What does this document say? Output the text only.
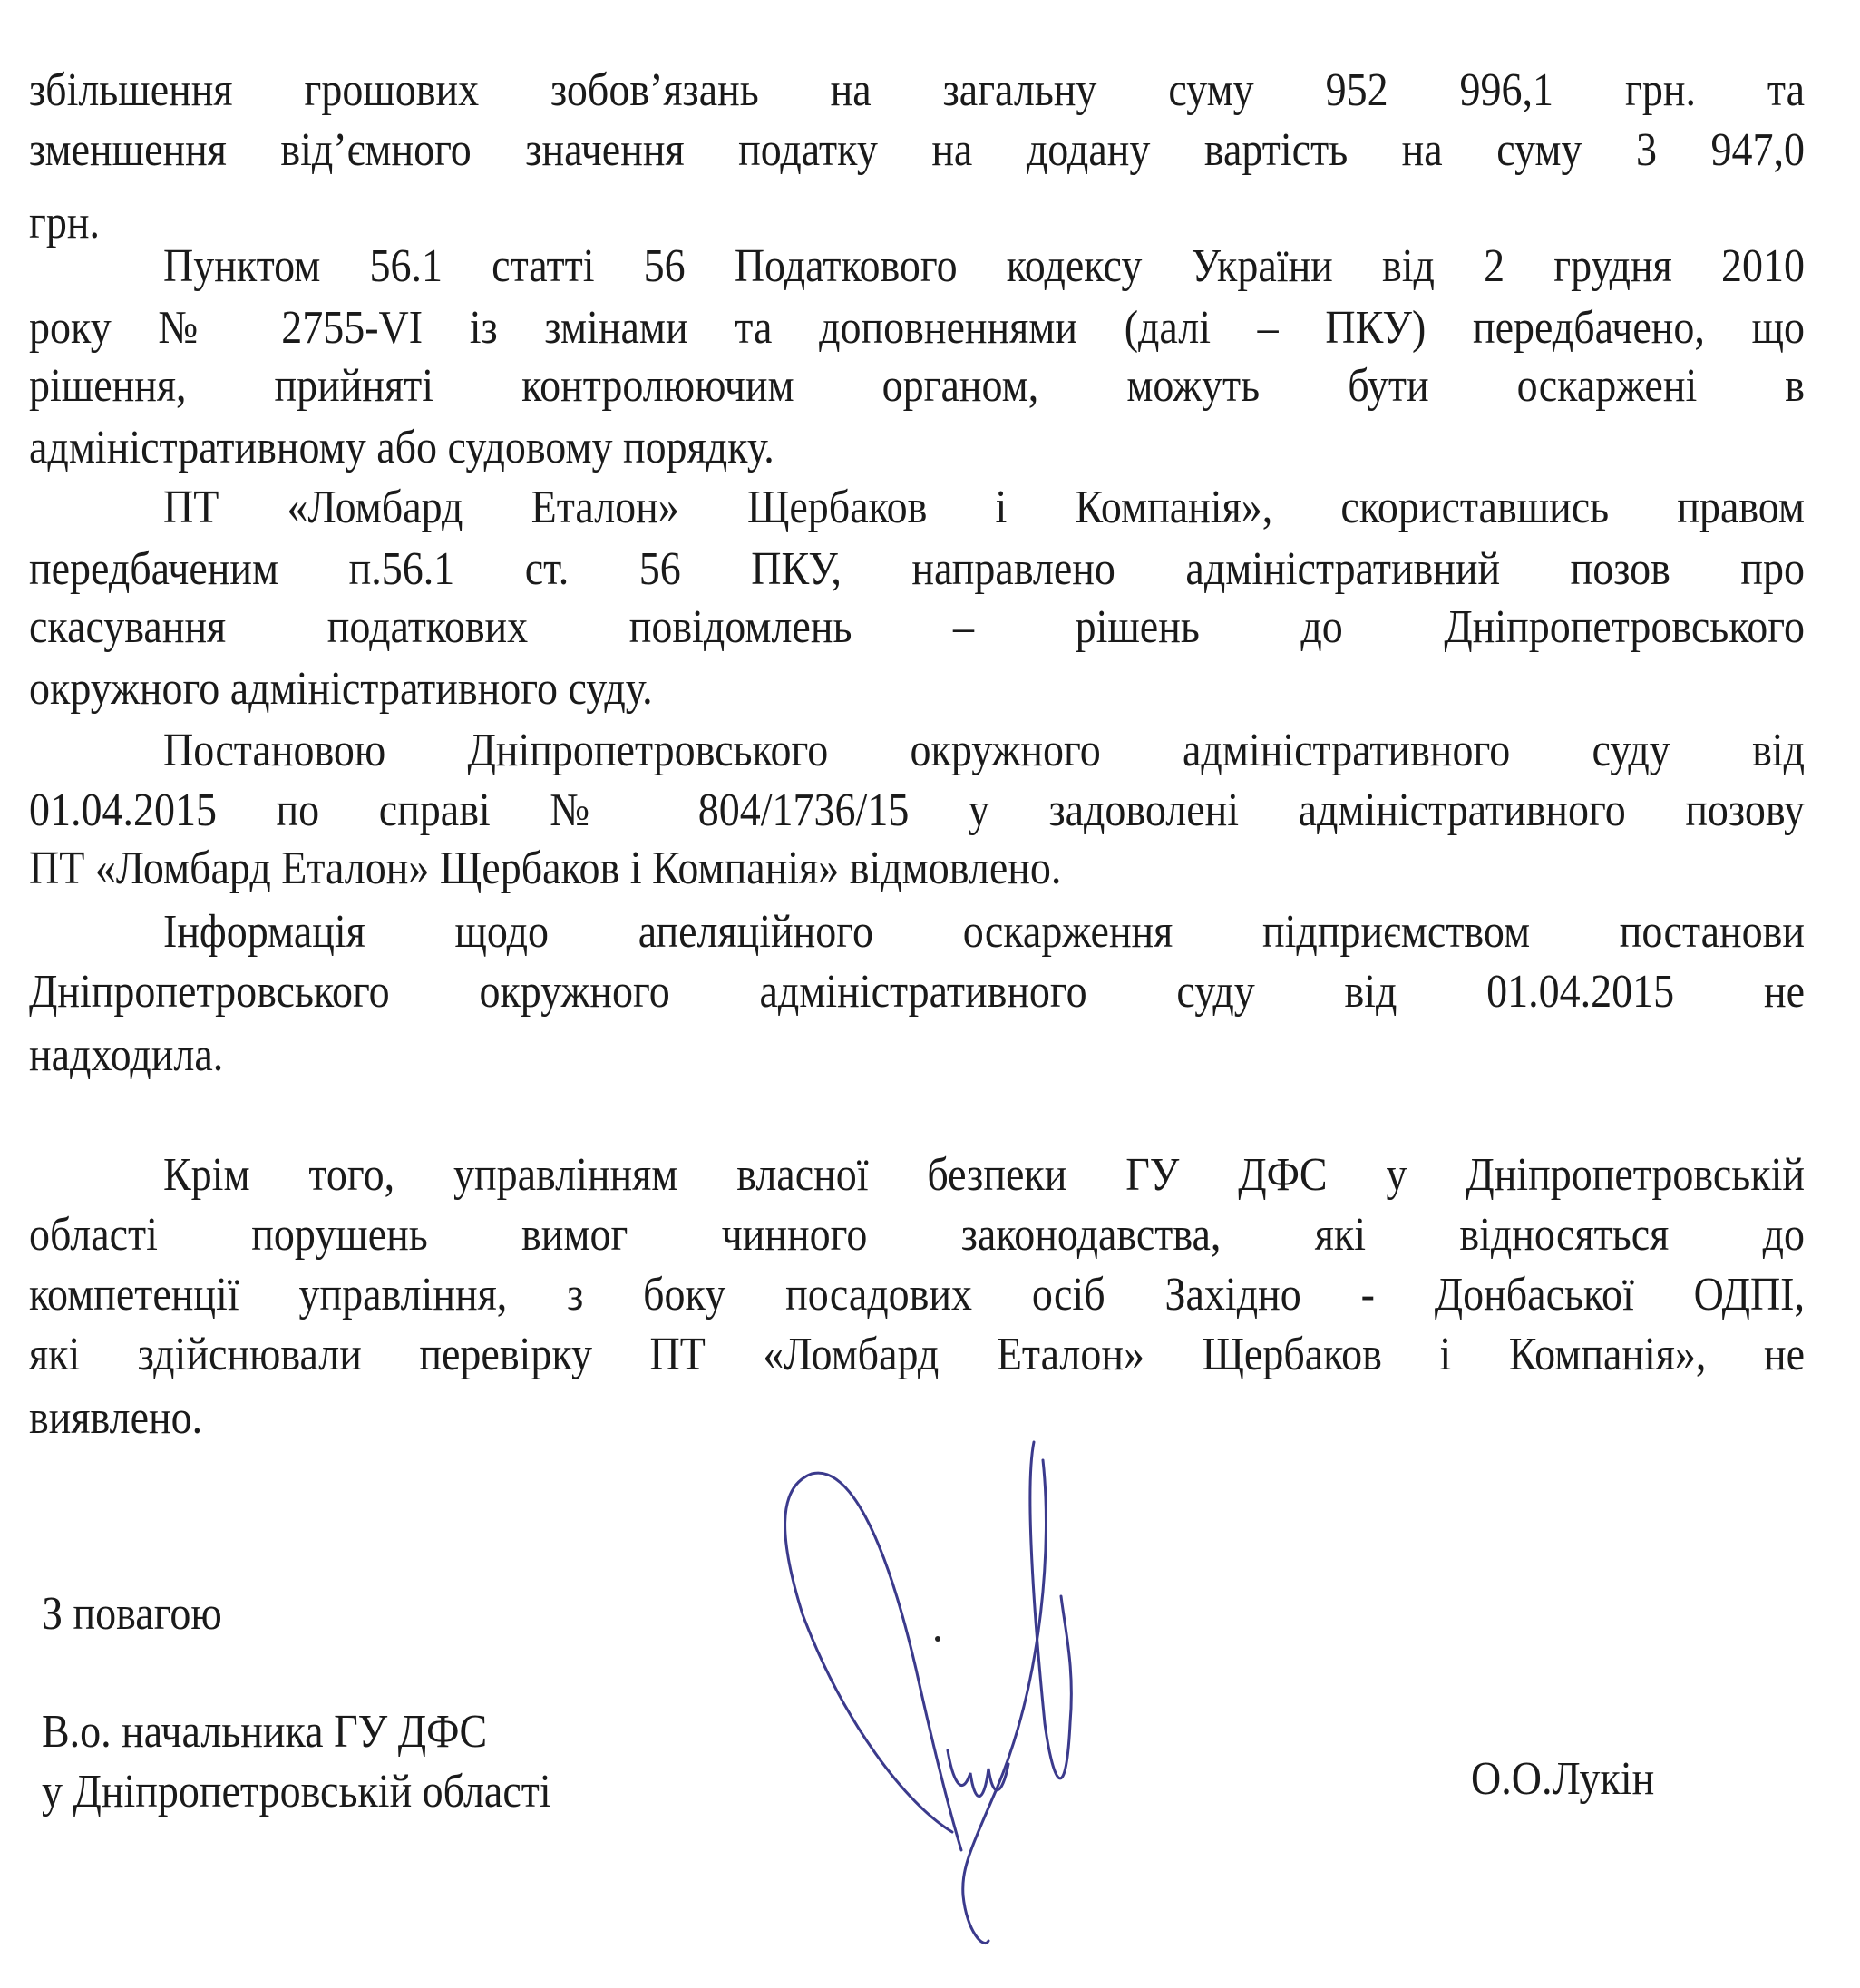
збільшення грошових зобов’язань на загальну суму 952 996,1 грн. та
зменшення від’ємного значення податку на додану вартість на суму 3 947,0
грн.
Пунктом 56.1 статті 56 Податкового кодексу України від 2 грудня 2010
року № 2755-VI із змінами та доповненнями (далі – ПКУ) передбачено, що
рішення, прийняті контролюючим органом, можуть бути оскаржені в
адміністративному або судовому порядку.
ПТ «Ломбард Еталон» Щербаков і Компанія», скориставшись правом
передбаченим п.56.1 ст. 56 ПКУ, направлено адміністративний позов про
скасування податкових повідомлень – рішень до Дніпропетровського
окружного адміністративного суду.
Постановою Дніпропетровського окружного адміністративного суду від
01.04.2015 по справі № 804/1736/15 у задоволені адміністративного позову
ПТ «Ломбард Еталон» Щербаков і Компанія» відмовлено.
Інформація щодо апеляційного оскарження підприємством постанови
Дніпропетровського окружного адміністративного суду від 01.04.2015 не
надходила.
Крім того, управлінням власної безпеки ГУ ДФС у Дніпропетровській
області порушень вимог чинного законодавства, які відносяться до
компетенції управління, з боку посадових осіб Західно - Донбаської ОДПІ,
які здійснювали перевірку ПТ «Ломбард Еталон» Щербаков і Компанія», не
виявлено.
З повагою
В.о. начальника ГУ ДФС
у Дніпропетровській області	О.О.Лукін
